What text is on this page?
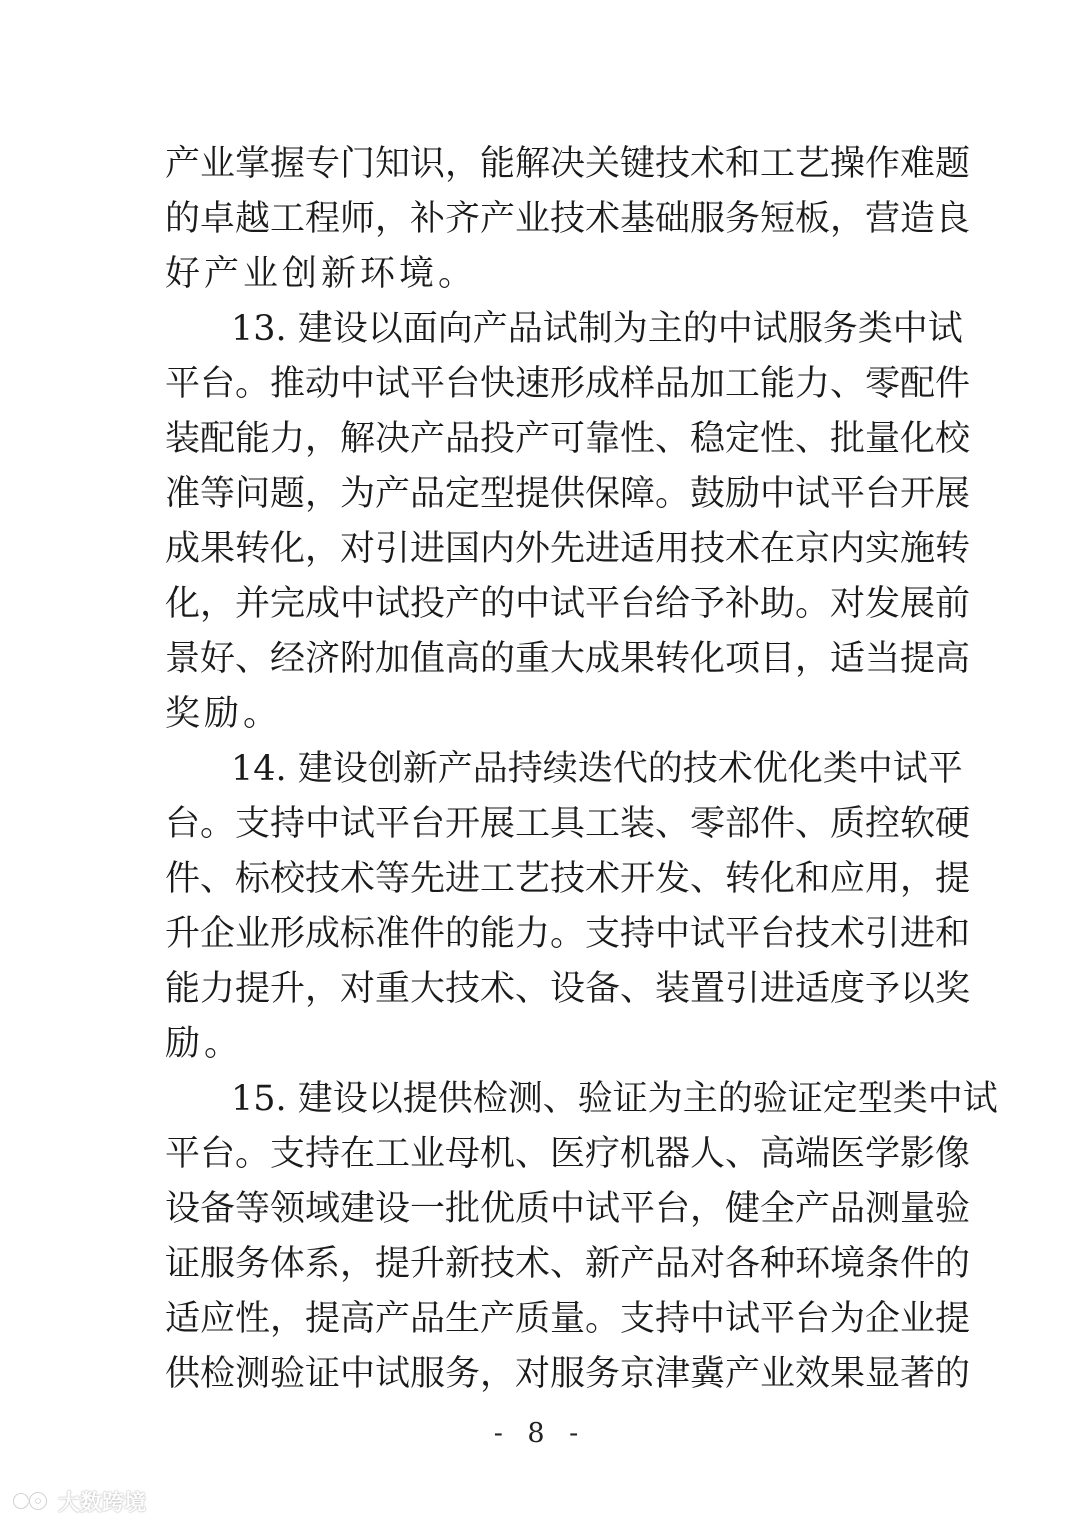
产业掌握专门知识，能解决关键技术和工艺操作难题

的卓越工程师，补齐产业技术基础服务短板，营造良

好产业创新环境。

13. 建设以面向产品试制为主的中试服务类中试

平台。推动中试平台快速形成样品加工能力、零配件

装配能力，解决产品投产可靠性、稳定性、批量化校

准等问题，为产品定型提供保障。鼓励中试平台开展

成果转化，对引进国内外先进适用技术在京内实施转

化，并完成中试投产的中试平台给予补助。对发展前

景好、经济附加值高的重大成果转化项目，适当提高

奖励。

14. 建设创新产品持续迭代的技术优化类中试平

台。支持中试平台开展工具工装、零部件、质控软硬

件、标校技术等先进工艺技术开发、转化和应用，提

升企业形成标准件的能力。支持中试平台技术引进和

能力提升，对重大技术、设备、装置引进适度予以奖

励。

15. 建设以提供检测、验证为主的验证定型类中试

平台。支持在工业母机、医疗机器人、高端医学影像

设备等领域建设一批优质中试平台，健全产品测量验

证服务体系，提升新技术、新产品对各种环境条件的

适应性，提高产品生产质量。支持中试平台为企业提

供检测验证中试服务，对服务京津冀产业效果显著的

- 8 -
大数跨境
